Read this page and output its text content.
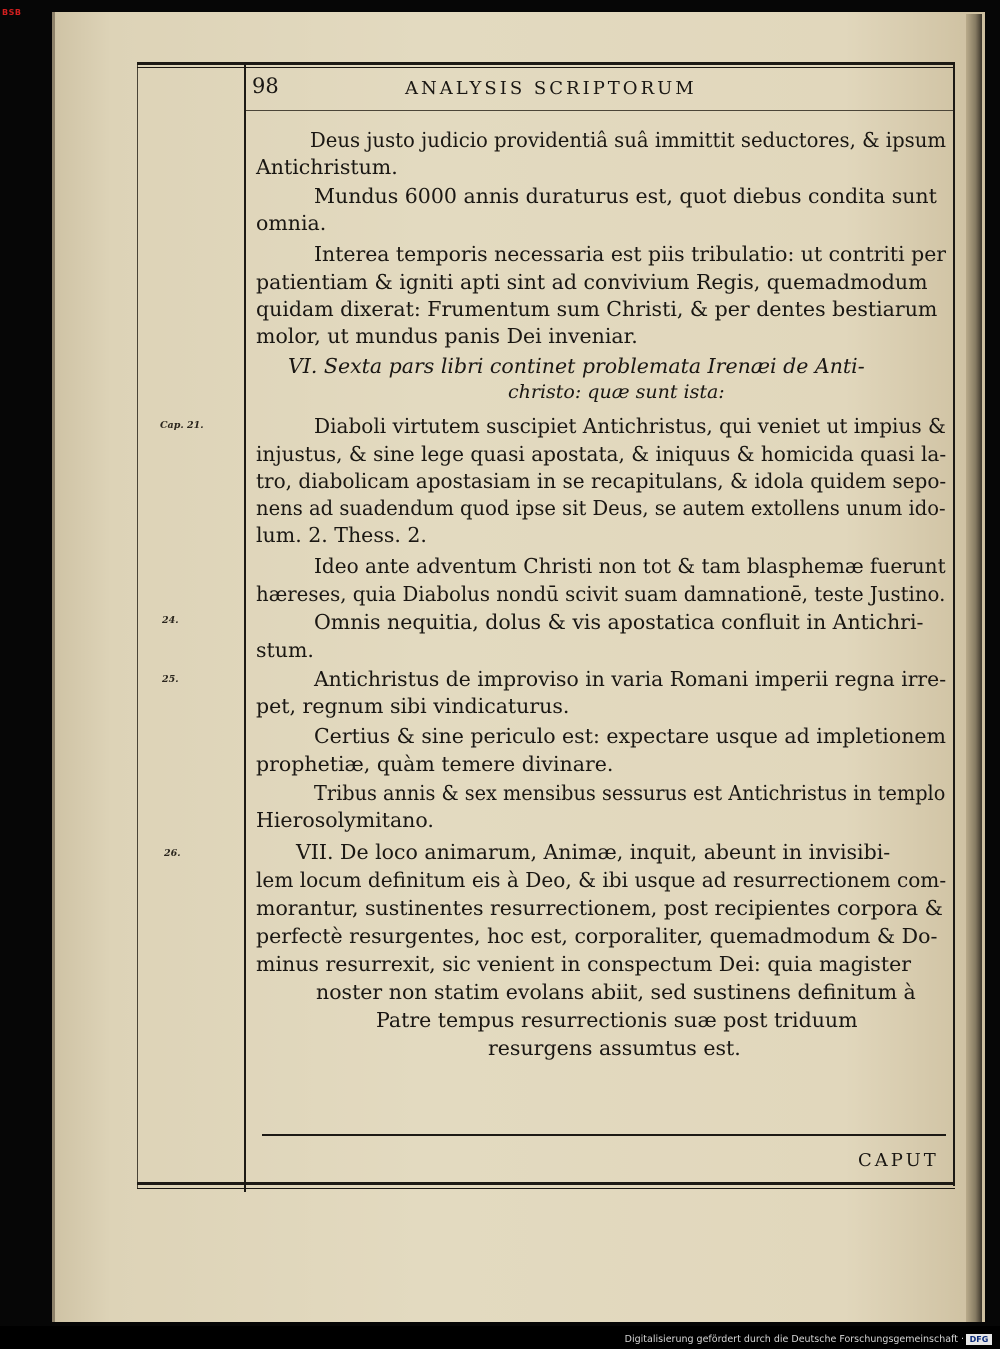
BSB
98	ANALYSIS SCRIPTORUM
Cap. 21.
24.
25.
26.
Deus justo judicio providentiâ suâ immittit seductores, & ipsum
Antichristum.
Mundus 6000 annis duraturus est, quot diebus condita sunt
omnia.
Interea temporis necessaria est piis tribulatio: ut contriti per
patientiam & igniti apti sint ad convivium Regis, quemadmodum
quidam dixerat: Frumentum sum Christi, & per dentes bestiarum
molor, ut mundus panis Dei inveniar.
VI. Sexta pars libri continet problemata Irenæi de Anti-
christo: quæ sunt ista:
Diaboli virtutem suscipiet Antichristus, qui veniet ut impius &
injustus, & sine lege quasi apostata, & iniquus & homicida quasi la-
tro, diabolicam apostasiam in se recapitulans, & idola quidem sepo-
nens ad suadendum quod ipse sit Deus, se autem extollens unum ido-
lum. 2. Thess. 2.
Ideo ante adventum Christi non tot & tam blasphemæ fuerunt
hæreses, quia Diabolus nondū scivit suam damnationē, teste Justino.
Omnis nequitia, dolus & vis apostatica confluit in Antichri-
stum.
Antichristus de improviso in varia Romani imperii regna irre-
pet, regnum sibi vindicaturus.
Certius & sine periculo est: expectare usque ad impletionem
prophetiæ, quàm temere divinare.
Tribus annis & sex mensibus sessurus est Antichristus in templo
Hierosolymitano.
VII. De loco animarum, Animæ, inquit, abeunt in invisibi-
lem locum definitum eis à Deo, & ibi usque ad resurrectionem com-
morantur, sustinentes resurrectionem, post recipientes corpora &
perfectè resurgentes, hoc est, corporaliter, quemadmodum & Do-
minus resurrexit, sic venient in conspectum Dei: quia magister
noster non statim evolans abiit, sed sustinens definitum à
Patre tempus resurrectionis suæ post triduum
resurgens assumtus est.
CAPUT
Digitalisierung gefördert durch die Deutsche Forschungsgemeinschaft · DFG
